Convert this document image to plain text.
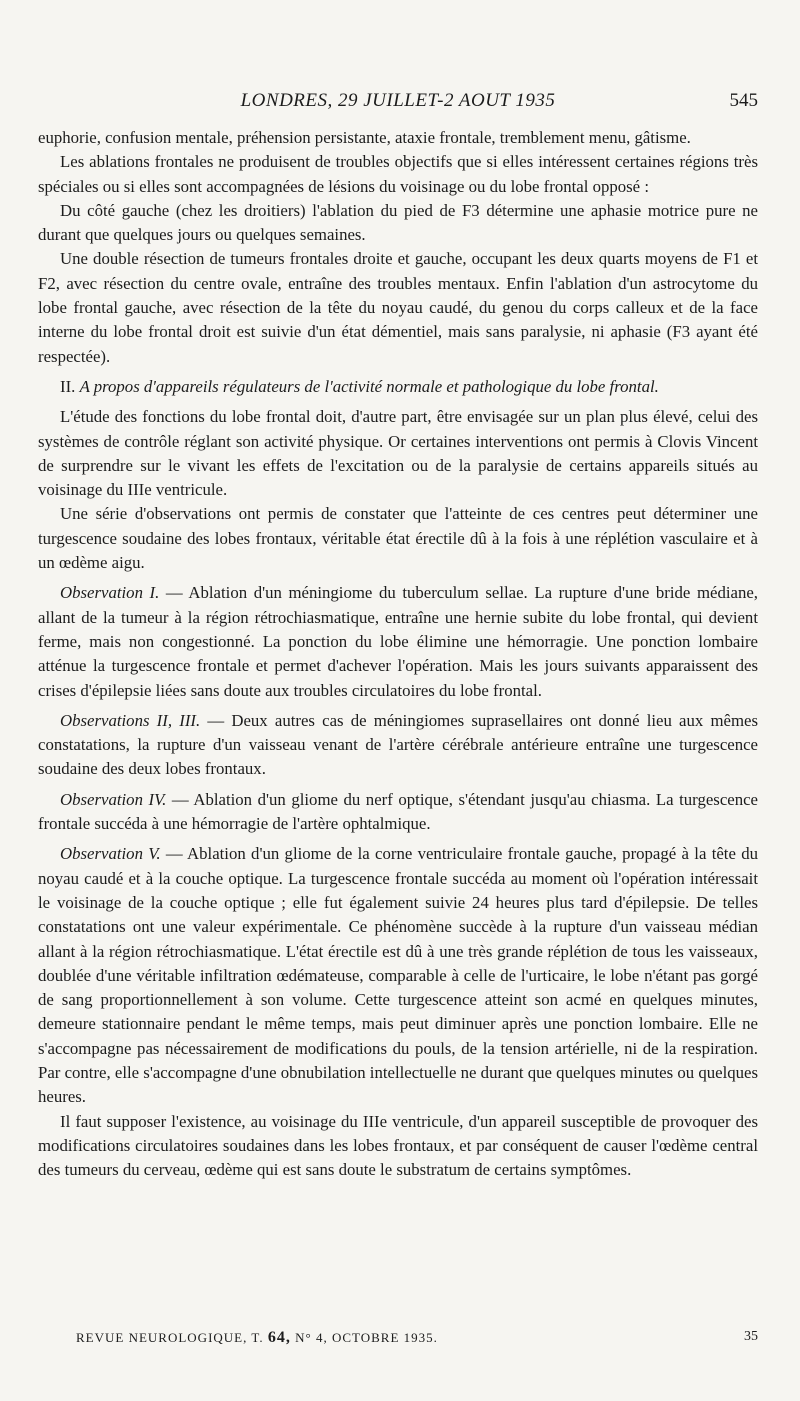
LONDRES, 29 JUILLET-2 AOUT 1935	545

euphorie, confusion mentale, préhension persistante, ataxie frontale, tremblement menu, gâtisme.

Les ablations frontales ne produisent de troubles objectifs que si elles intéressent certaines régions très spéciales ou si elles sont accompagnées de lésions du voisinage ou du lobe frontal opposé :

Du côté gauche (chez les droitiers) l'ablation du pied de F3 détermine une aphasie motrice pure ne durant que quelques jours ou quelques semaines.

Une double résection de tumeurs frontales droite et gauche, occupant les deux quarts moyens de F1 et F2, avec résection du centre ovale, entraîne des troubles mentaux. Enfin l'ablation d'un astrocytome du lobe frontal gauche, avec résection de la tête du noyau caudé, du genou du corps calleux et de la face interne du lobe frontal droit est suivie d'un état démentiel, mais sans paralysie, ni aphasie (F3 ayant été respectée).

II. A propos d'appareils régulateurs de l'activité normale et pathologique du lobe frontal.

L'étude des fonctions du lobe frontal doit, d'autre part, être envisagée sur un plan plus élevé, celui des systèmes de contrôle réglant son activité physique. Or certaines interventions ont permis à Clovis Vincent de surprendre sur le vivant les effets de l'excitation ou de la paralysie de certains appareils situés au voisinage du IIIe ventricule.

Une série d'observations ont permis de constater que l'atteinte de ces centres peut déterminer une turgescence soudaine des lobes frontaux, véritable état érectile dû à la fois à une réplétion vasculaire et à un œdème aigu.

Observation I. — Ablation d'un méningiome du tuberculum sellae. La rupture d'une bride médiane, allant de la tumeur à la région rétrochiasmatique, entraîne une hernie subite du lobe frontal, qui devient ferme, mais non congestionné. La ponction du lobe élimine une hémorragie. Une ponction lombaire atténue la turgescence frontale et permet d'achever l'opération. Mais les jours suivants apparaissent des crises d'épilepsie liées sans doute aux troubles circulatoires du lobe frontal.

Observations II, III. — Deux autres cas de méningiomes suprasellaires ont donné lieu aux mêmes constatations, la rupture d'un vaisseau venant de l'artère cérébrale antérieure entraîne une turgescence soudaine des deux lobes frontaux.

Observation IV. — Ablation d'un gliome du nerf optique, s'étendant jusqu'au chiasma. La turgescence frontale succéda à une hémorragie de l'artère ophtalmique.

Observation V. — Ablation d'un gliome de la corne ventriculaire frontale gauche, propagé à la tête du noyau caudé et à la couche optique. La turgescence frontale succéda au moment où l'opération intéressait le voisinage de la couche optique ; elle fut également suivie 24 heures plus tard d'épilepsie. De telles constatations ont une valeur expérimentale. Ce phénomène succède à la rupture d'un vaisseau médian allant à la région rétrochiasmatique. L'état érectile est dû à une très grande réplétion de tous les vaisseaux, doublée d'une véritable infiltration œdémateuse, comparable à celle de l'urticaire, le lobe n'étant pas gorgé de sang proportionnellement à son volume. Cette turgescence atteint son acmé en quelques minutes, demeure stationnaire pendant le même temps, mais peut diminuer après une ponction lombaire. Elle ne s'accompagne pas nécessairement de modifications du pouls, de la tension artérielle, ni de la respiration. Par contre, elle s'accompagne d'une obnubilation intellectuelle ne durant que quelques minutes ou quelques heures.

Il faut supposer l'existence, au voisinage du IIIe ventricule, d'un appareil susceptible de provoquer des modifications circulatoires soudaines dans les lobes frontaux, et par conséquent de causer l'œdème central des tumeurs du cerveau, œdème qui est sans doute le substratum de certains symptômes.

REVUE NEUROLOGIQUE, T. 64, N° 4, OCTOBRE 1935.	35
